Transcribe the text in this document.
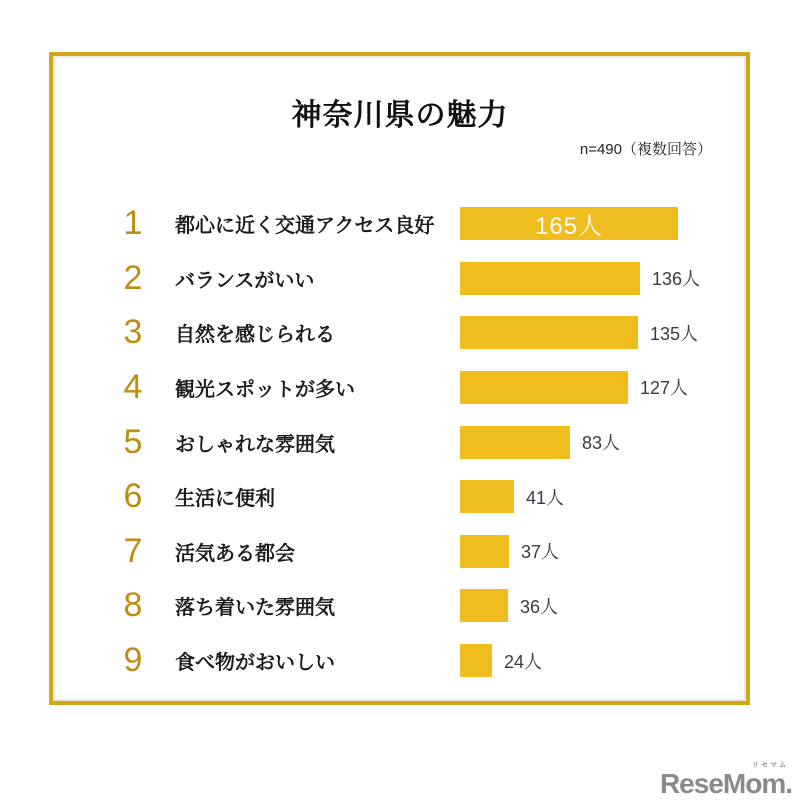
神奈川県の魅力
n=490（複数回答）
1	都心に近く交通アクセス良好	165人
2	バランスがいい	136人
3	自然を感じられる	135人
4	観光スポットが多い	127人
5	おしゃれな雰囲気	83人
6	生活に便利	41人
7	活気ある都会	37人
8	落ち着いた雰囲気	36人
9	食べ物がおいしい	24人
リセマム
ReseMom.
